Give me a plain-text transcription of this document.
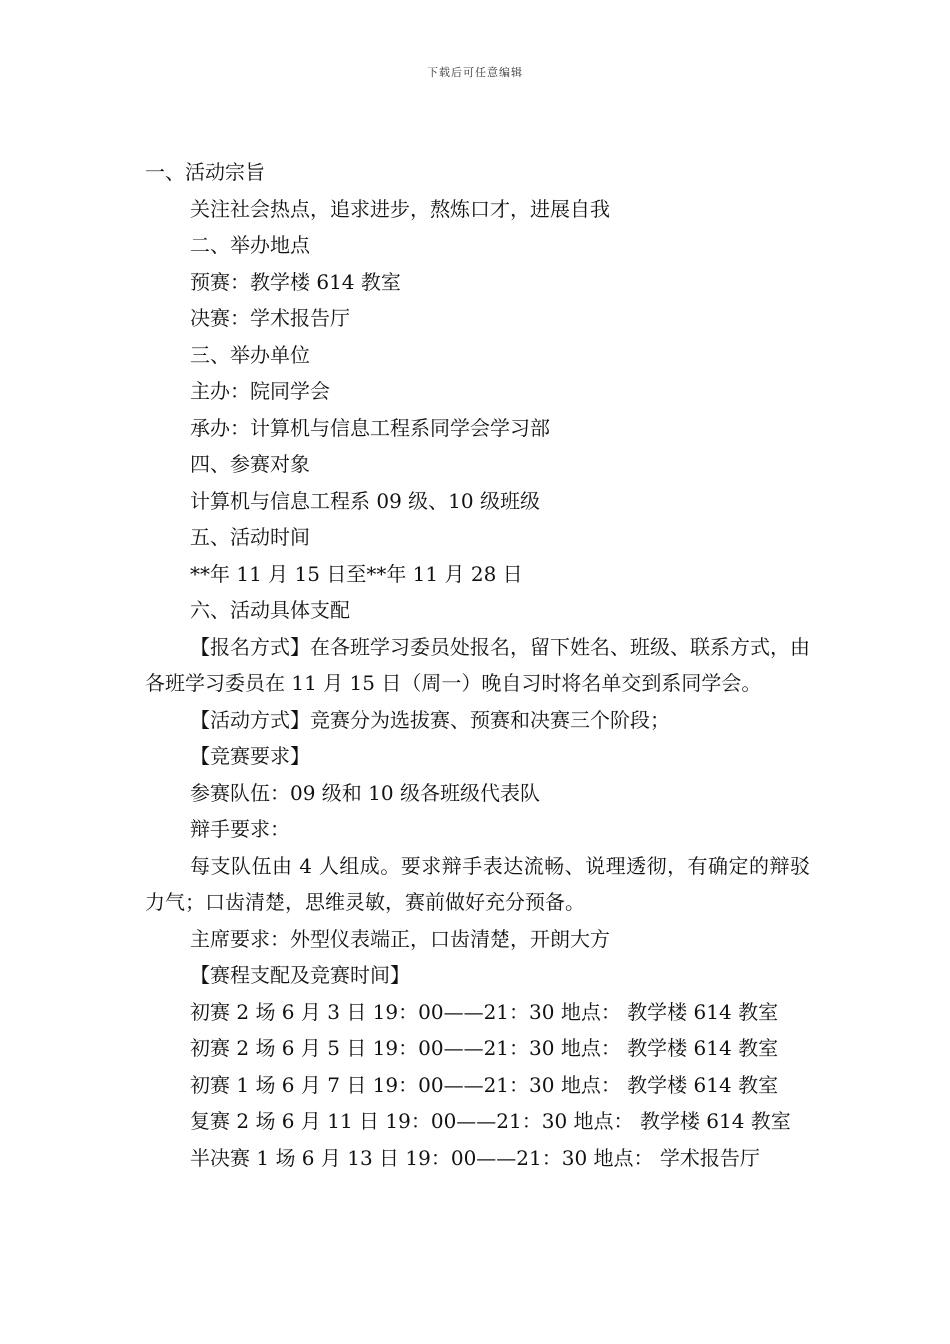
下载后可任意编辑

一、活动宗旨

关注社会热点，追求进步，熬炼口才，进展自我

二、举办地点

预赛：教学楼 614 教室

决赛：学术报告厅

三、举办单位

主办：院同学会

承办：计算机与信息工程系同学会学习部

四、参赛对象

计算机与信息工程系 09 级、10 级班级

五、活动时间

**年 11 月 15 日至**年 11 月 28 日

六、活动具体支配

【报名方式】在各班学习委员处报名，留下姓名、班级、联系方式，由各班学习委员在 11 月 15 日（周一）晚自习时将名单交到系同学会。

【活动方式】竞赛分为选拔赛、预赛和决赛三个阶段；

【竞赛要求】

参赛队伍：09 级和 10 级各班级代表队

辩手要求：

每支队伍由 4 人组成。要求辩手表达流畅、说理透彻，有确定的辩驳力气；口齿清楚，思维灵敏，赛前做好充分预备。

主席要求：外型仪表端正，口齿清楚，开朗大方

【赛程支配及竞赛时间】

初赛 2 场 6 月 3 日 19：00——21：30 地点： 教学楼 614 教室

初赛 2 场 6 月 5 日 19：00——21：30 地点： 教学楼 614 教室

初赛 1 场 6 月 7 日 19：00——21：30 地点： 教学楼 614 教室

复赛 2 场 6 月 11 日 19：00——21：30 地点： 教学楼 614 教室

半决赛 1 场 6 月 13 日 19：00——21：30 地点： 学术报告厅
